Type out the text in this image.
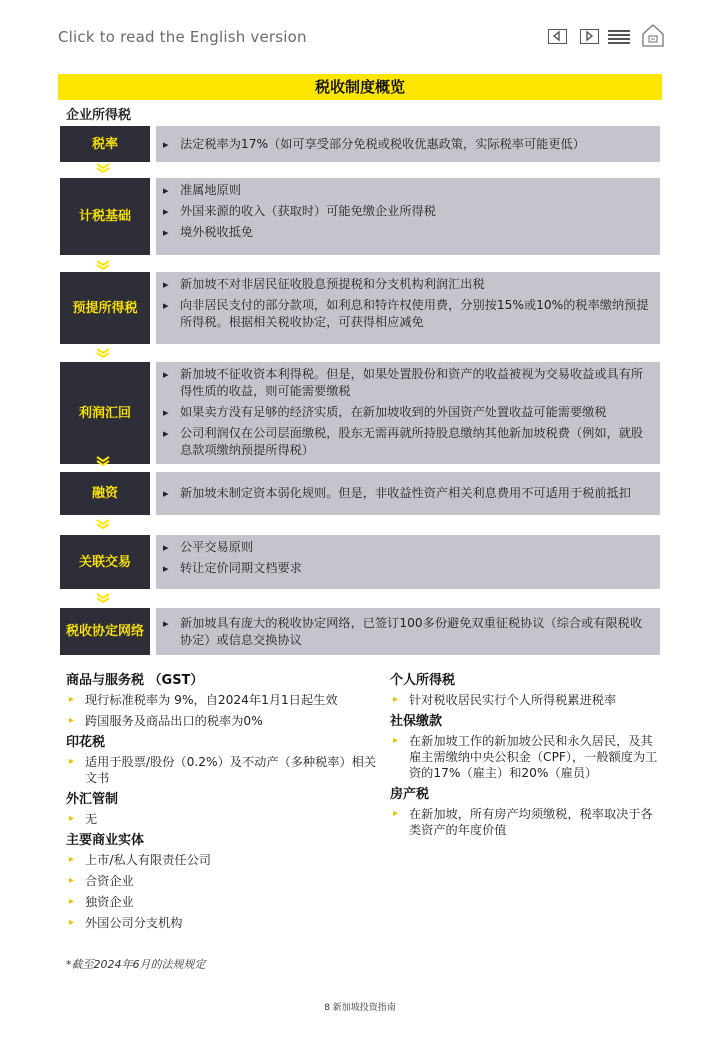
Click to read the English version
税收制度概览
企业所得税
税率	▸ 法定税率为17%（如可享受部分免税或税收优惠政策，实际税率可能更低）
计税基础
▸ 准属地原则
▸ 外国来源的收入（获取时）可能免缴企业所得税
▸ 境外税收抵免
预提所得税
▸ 新加坡不对非居民征收股息预提税和分支机构利润汇出税
▸ 向非居民支付的部分款项，如利息和特许权使用费，分别按15%或10%的税率缴纳预提所得税。根据相关税收协定，可获得相应减免
利润汇回
▸ 新加坡不征收资本利得税。但是，如果处置股份和资产的收益被视为交易收益或具有所得性质的收益，则可能需要缴税
▸ 如果卖方没有足够的经济实质，在新加坡收到的外国资产处置收益可能需要缴税
▸ 公司利润仅在公司层面缴税，股东无需再就所持股息缴纳其他新加坡税费（例如，就股息款项缴纳预提所得税）
融资	▸ 新加坡未制定资本弱化规则。但是，非收益性资产相关利息费用不可适用于税前抵扣
关联交易
▸ 公平交易原则
▸ 转让定价同期文档要求
税收协定网络
▸ 新加坡具有庞大的税收协定网络，已签订100多份避免双重征税协议（综合或有限税收协定）或信息交换协议
商品与服务税 （GST）
▸ 现行标准税率为 9%，自2024年1月1日起生效
▸ 跨国服务及商品出口的税率为0%
印花税
▸ 适用于股票/股份（0.2%）及不动产（多种税率）相关文书
外汇管制
▸ 无
主要商业实体
▸ 上市/私人有限责任公司
▸ 合资企业
▸ 独资企业
▸ 外国公司分支机构
个人所得税
▸ 针对税收居民实行个人所得税累进税率
社保缴款
▸ 在新加坡工作的新加坡公民和永久居民，及其雇主需缴纳中央公积金（CPF），一般额度为工资的17%（雇主）和20%（雇员）
房产税
▸ 在新加坡，所有房产均须缴税，税率取决于各类资产的年度价值
*截至2024年6月的法规规定
8 新加坡投资指南
